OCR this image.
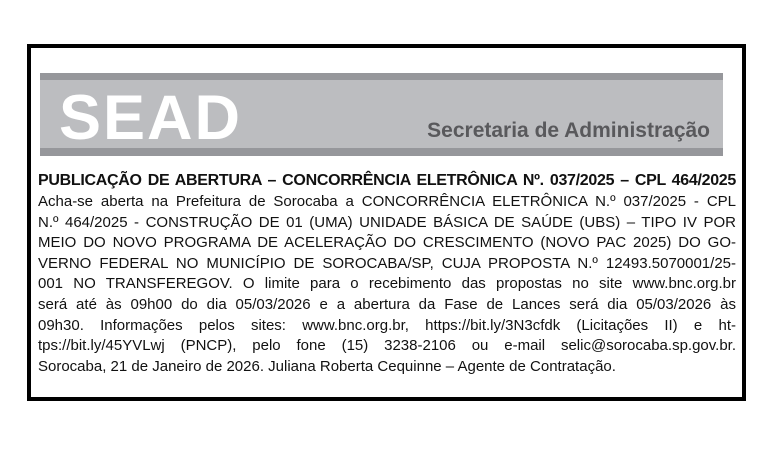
SEAD	Secretaria de Administração
PUBLICAÇÃO DE ABERTURA – CONCORRÊNCIA ELETRÔNICA Nº. 037/2025 – CPL 464/2025
Acha-se aberta na Prefeitura de Sorocaba a CONCORRÊNCIA ELETRÔNICA N.º 037/2025 - CPL
N.º 464/2025 - CONSTRUÇÃO DE 01 (UMA) UNIDADE BÁSICA DE SAÚDE (UBS) – TIPO IV POR
MEIO DO NOVO PROGRAMA DE ACELERAÇÃO DO CRESCIMENTO (NOVO PAC 2025) DO GO-
VERNO FEDERAL NO MUNICÍPIO DE SOROCABA/SP, CUJA PROPOSTA N.º 12493.5070001/25-
001 NO TRANSFEREGOV. O limite para o recebimento das propostas no site www.bnc.org.br
será até às 09h00 do dia 05/03/2026 e a abertura da Fase de Lances será dia 05/03/2026 às
09h30. Informações pelos sites: www.bnc.org.br, https://bit.ly/3N3cfdk (Licitações II) e ht-
tps://bit.ly/45YVLwj (PNCP), pelo fone (15) 3238-2106 ou e-mail selic@sorocaba.sp.gov.br.
Sorocaba, 21 de Janeiro de 2026. Juliana Roberta Cequinne – Agente de Contratação.
